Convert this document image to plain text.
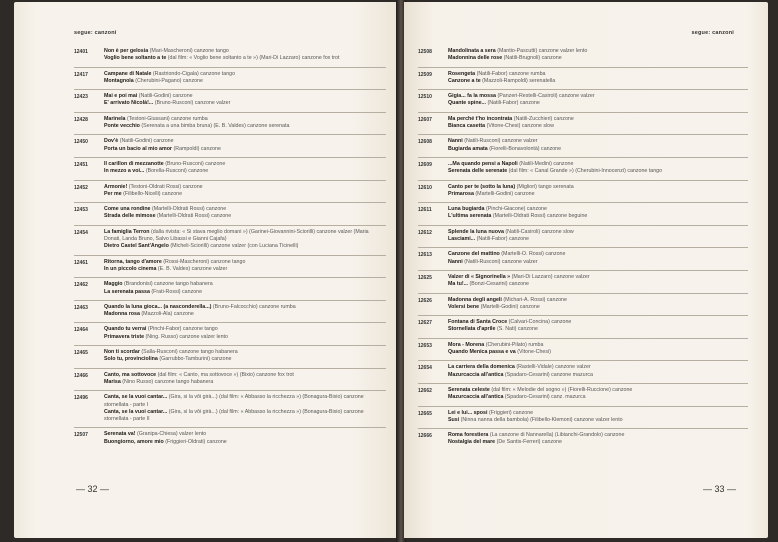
segue: canzoni
12401	Non è per gelosia (Mari-Mascheroni) canzone tango
Voglio bene soltanto a te (dal film: « Voglio bene soltanto a te ») (Mari-Di Lazzaro) canzone fox trot
12417	Campane di Natale (Rastriondo-Cigala) canzone tango
Montagnola (Cherubini-Pagano) canzone
12423	Mai e poi mai (Natili-Godini) canzone
E' arrivato Nicolà!... (Bruno-Rusconi) canzone valzer
12428	Marinela (Testoni-Giussani) canzone rumba
Ponte vecchio (Serenata a una bimba bruna) (E. B. Valdes) canzone serenata
12450	Dov'è (Natili-Godini) canzone
Porta un bacio al mio amor (Rampoldi) canzone
12451	Il carillon di mezzanotte (Bruno-Rusconi) canzone
In mezzo a voi... (Borella-Rusconi) canzone
12452	Armonie! (Testoni-Oldrati Rossi) canzone
Per me (Filibello-Nicelli) canzone
12453	Come una rondine (Martelli-Oldrati Rossi) canzone
Strada delle mimose (Martelli-Oldrati Rossi) canzone
12454	La famiglia Terron (dalla rivista: « Si stava meglio domani ») (Garinei-Giovannini-Sciorilli) canzone valzer (Maria Donati, Landa Bruno, Salvo Libassi e Gianni Cajafa)
Dietro Castel Sant'Angelo (Micheli-Sciorilli) canzone valzer (con Luciana Ticinelli)
12461	Ritorna, tango d'amore (Rossi-Mascheroni) canzone tango
In un piccolo cinema (E. B. Valdes) canzone valzer
12462	Maggio (Brandonisi) canzone tango habanera
La serenata passa (Frati-Rossi) canzone
12463	Quando la luna gioca... (a nasconderella...) (Bruno-Falcocchio) canzone rumba
Madonna rosa (Mazzoli-Ala) canzone
12464	Quando tu verrai (Pinchi-Fabor) canzone tango
Primavera triste (Ning. Russo) canzone valzer lento
12465	Non ti scordar (Salla-Rusconi) canzone tango habanera
Solo tu, provinciolina (Garrubbo-Tamburini) canzone
12466	Canto, ma sottovoce (dal film: « Canto, ma sottovoce ») (Bixio) canzone fox trot
Marisa (Nino Russo) canzone tango habanera
12496	Canta, se la vuoi cantar... (Gira, si la vôi girà...) (dal film: « Abbasso la ricchezza ») (Bonagura-Bixio) canzone stornellata - parte I
Canta, se la vuoi cantar... (Gira, si la vôi girà...) (dal film: « Abbasso la ricchezza ») (Bonagura-Bixio) canzone stornellata - parte II
12507	Serenata va! (Granipa-Chiesa) valzer lento
Buongiorno, amore mio (Friggieri-Oldrati) canzone
— 32 —
segue: canzoni
12508	Mandolinata a sera (Mantio-Pascutti) canzone valzer lento
Madonnina delle rose (Natili-Brugnoli) canzone
12509	Rosengeta (Natili-Fabor) canzone rumba
Canzone a te (Mazzoli-Rampoldi) serenatella
12510	Gigia... fa la mossa (Panzeri-Restelli-Casiroli) canzone valzer
Quante spine... (Natili-Fabor) canzone
12607	Ma perché t'ho incontrata (Natili-Zucchieri) canzone
Bianca casetta (Vitone-Chesi) canzone slow
12608	Nanni (Natili-Rusconi) canzone valzer
Bugiarda amata (Fiorelli-Bonavolontà) canzone
12609	...Ma quando pensi a Napoli (Natili-Medini) canzone
Serenata delle serenate (dal film: « Canal Grande ») (Cherubini-Innocenzi) canzone tango
12610	Canto per te (sotto la luna) (Migliori) tango serenata
Primarosa (Martelli-Godini) canzone
12611	Luna bugiarda (Pinchi-Giacone) canzone
L'ultima serenata (Martelli-Oldrati Rossi) canzone beguine
12612	Splende la luna nuova (Natili-Casiroli) canzone slow
Lasciami... (Natili-Fabor) canzone
12613	Canzone del mattino (Martelli-O. Rossi) canzone
Nanni (Natili-Rusconi) canzone valzer
12625	Valzer di « Signorinella » (Mari-Di Lazzaro) canzone valzer
Ma tu!... (Bonzi-Cesarini) canzone
12626	Madonna degli angeli (Michari-A. Rossi) canzone
Volersi bene (Martelli-Godini) canzone
12627	Fontana di Santa Croce (Calvari-Concina) canzone
Stornellata d'aprile (S. Nati) canzone
12653	Mora - Morena (Cherubini-Pilato) rumba
Quando Menica passa e va (Vitone-Chesi)
12654	La carriera della domenica (Rastelli-Vidale) canzone valzer
Mazurcaccia all'antica (Spadaro-Cesarini) canzone mazurca
12662	Serenata celeste (dal film: « Melodie del sogno ») (Fiorelli-Ruccione) canzone
Mazurcaccia all'antica (Spadaro-Cesarini) canz. mazurca
12665	Lei e lui... sposi (Friggieri) canzone
Susi (Ninna nanna della bambola) (Filibello-Klemoni) canzone valzer lento
12666	Roma forestiera (La canzone di Nannarella) (Libianchi-Grandolo) canzone
Nostalgia del mare (De Santis-Ferreri) canzone
— 33 —
